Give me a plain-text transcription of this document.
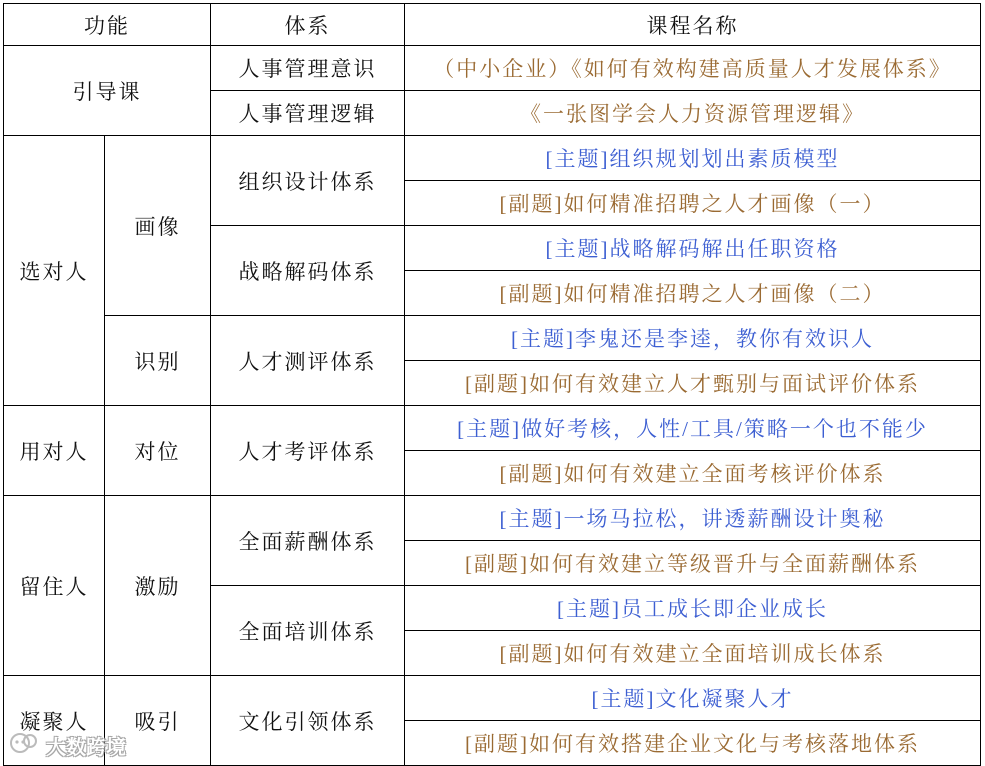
功能		体系	课程名称
引导课		人事管理意识	（中小企业）《如何有效构建高质量人才发展体系》
		人事管理逻辑	《一张图学会人力资源管理逻辑》
选对人	画像	组织设计体系	[主题]组织规划划出素质模型
			[副题]如何精准招聘之人才画像（一）
		战略解码体系	[主题]战略解码解出任职资格
			[副题]如何精准招聘之人才画像（二）
	识别	人才测评体系	[主题]李鬼还是李逵，教你有效识人
			[副题]如何有效建立人才甄别与面试评价体系
用对人	对位	人才考评体系	[主题]做好考核，人性/工具/策略一个也不能少
			[副题]如何有效建立全面考核评价体系
留住人	激励	全面薪酬体系	[主题]一场马拉松，讲透薪酬设计奥秘
			[副题]如何有效建立等级晋升与全面薪酬体系
		全面培训体系	[主题]员工成长即企业成长
			[副题]如何有效建立全面培训成长体系
凝聚人	吸引	文化引领体系	[主题]文化凝聚人才
			[副题]如何有效搭建企业文化与考核落地体系
大数跨境
